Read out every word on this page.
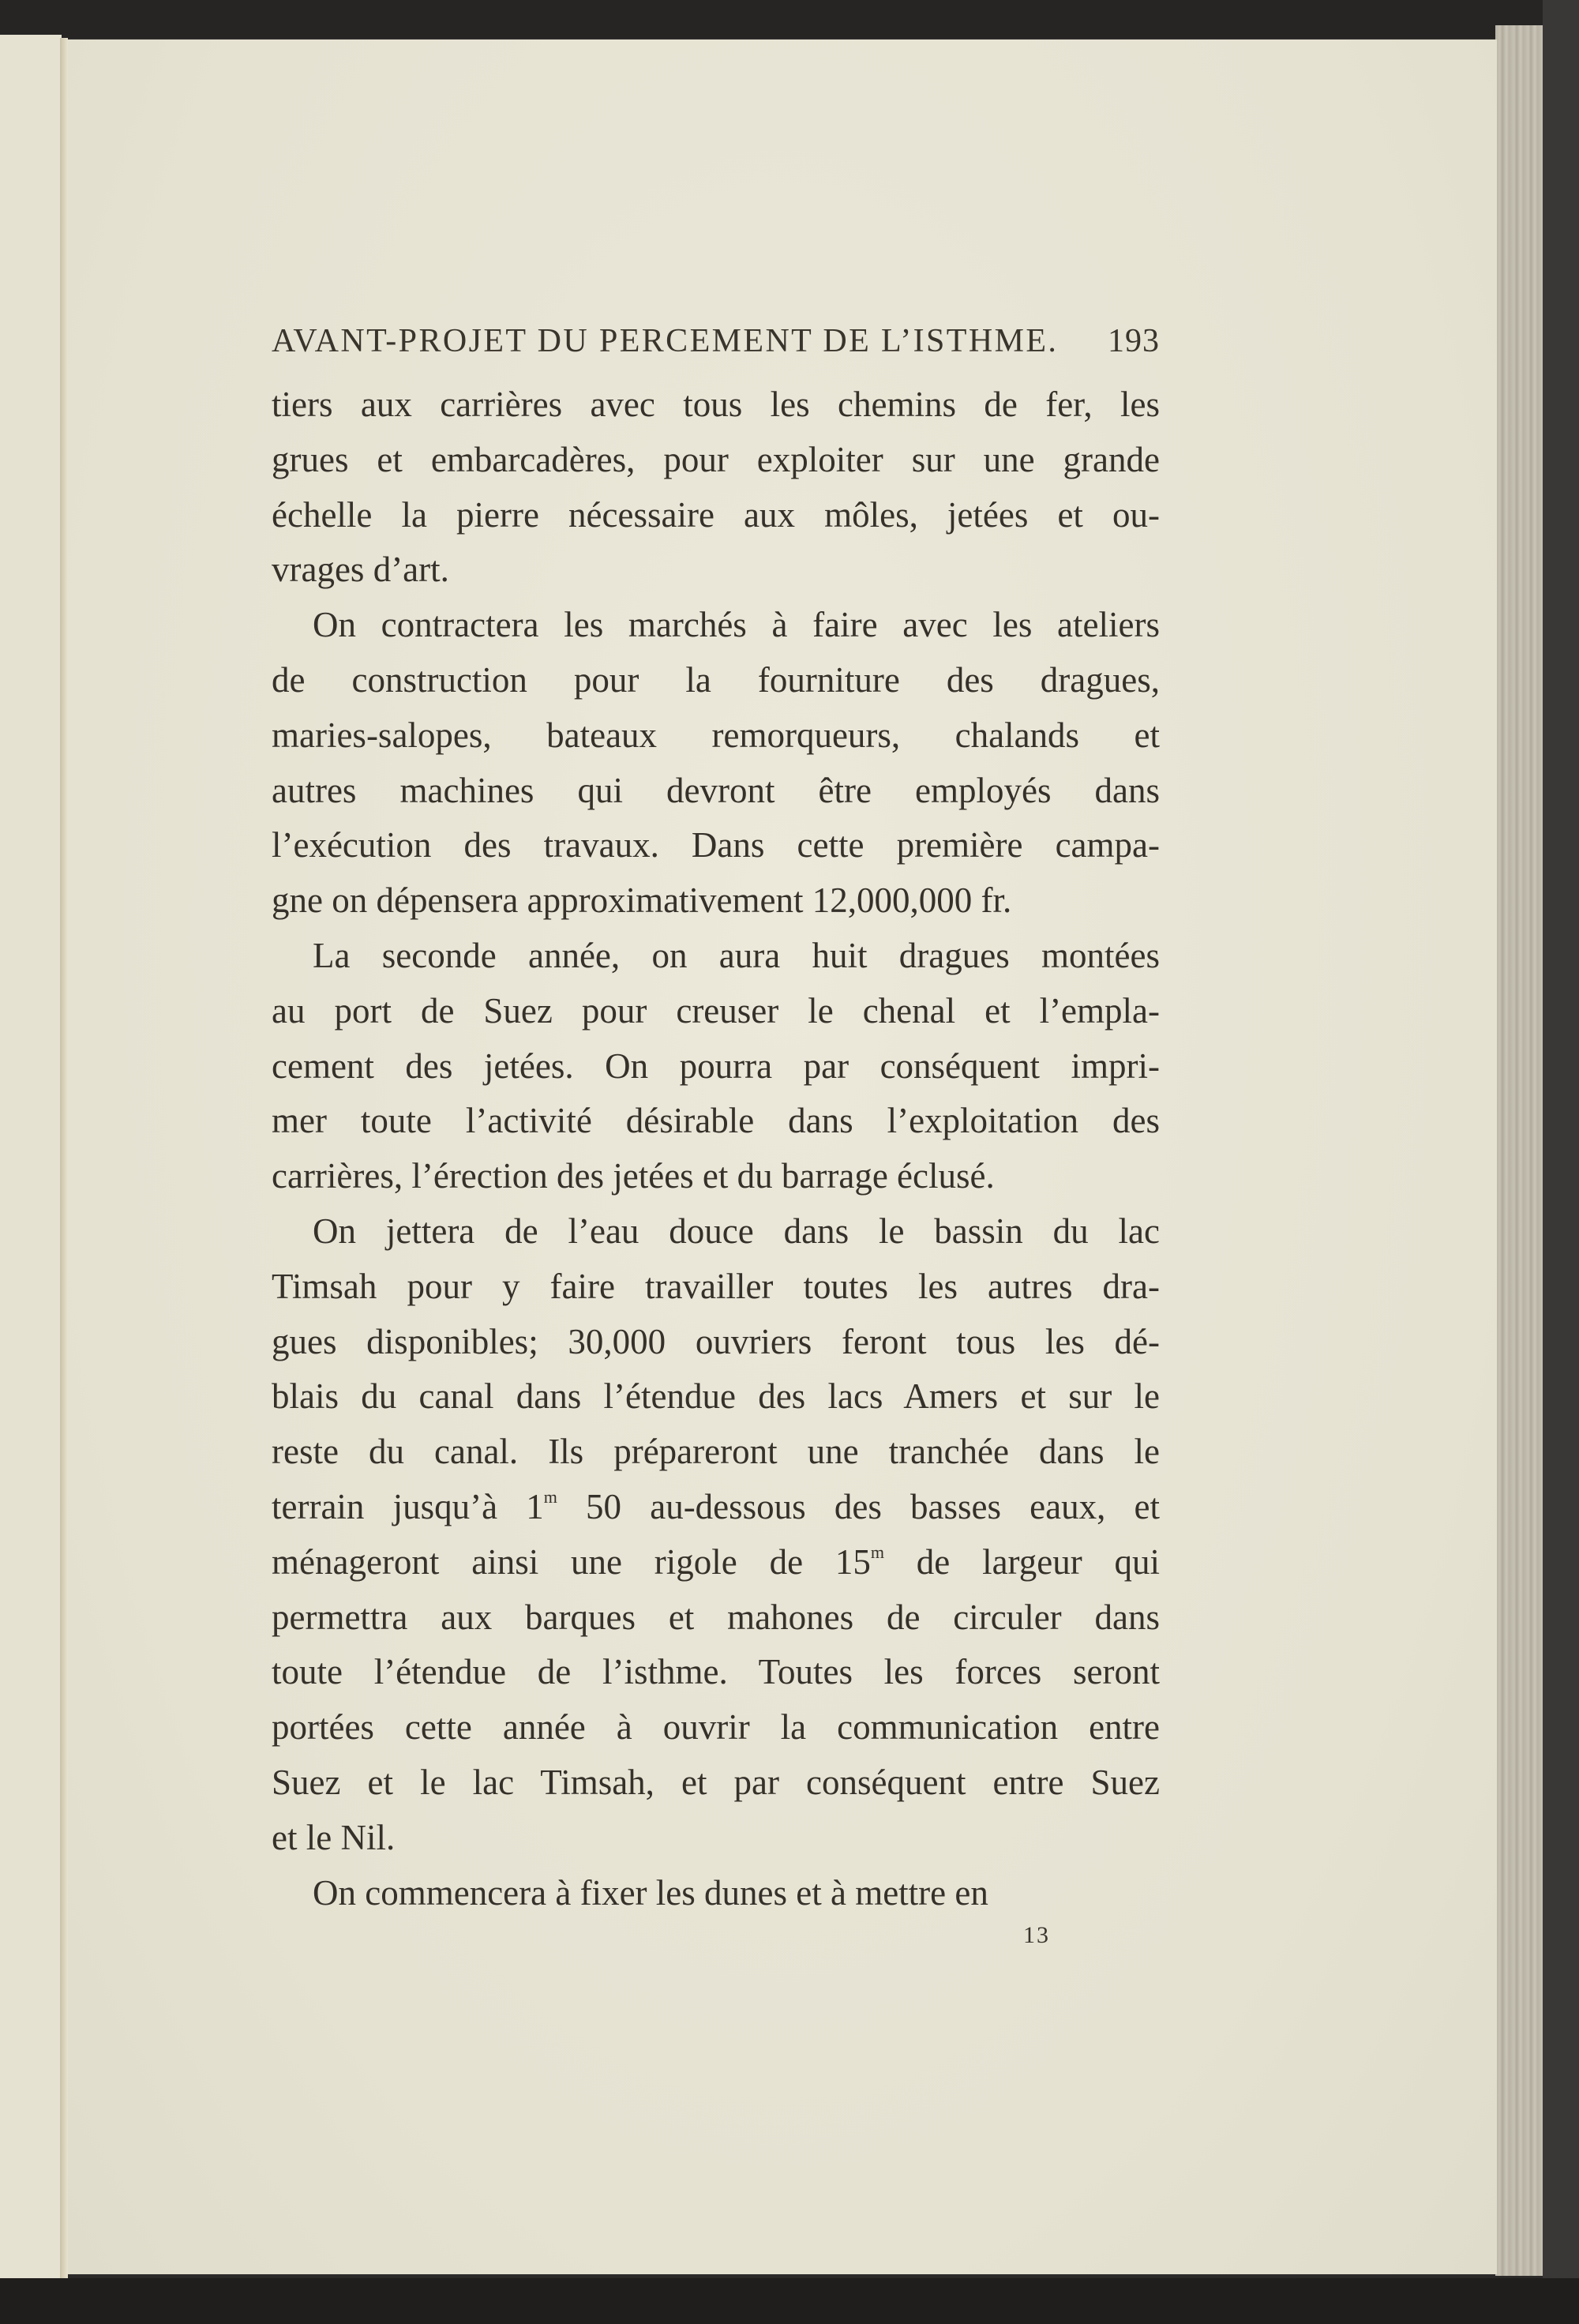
AVANT-PROJET DU PERCEMENT DE L’ISTHME. 193
tiers aux carrières avec tous les chemins de fer, les
grues et embarcadères, pour exploiter sur une grande
échelle la pierre nécessaire aux môles, jetées et ou-
vrages d’art.
On contractera les marchés à faire avec les ateliers
de construction pour la fourniture des dragues,
maries-salopes, bateaux remorqueurs, chalands et
autres machines qui devront être employés dans
l’exécution des travaux. Dans cette première campa-
gne on dépensera approximativement 12,000,000 fr.
La seconde année, on aura huit dragues montées
au port de Suez pour creuser le chenal et l’empla-
cement des jetées. On pourra par conséquent impri-
mer toute l’activité désirable dans l’exploitation des
carrières, l’érection des jetées et du barrage éclusé.
On jettera de l’eau douce dans le bassin du lac
Timsah pour y faire travailler toutes les autres dra-
gues disponibles; 30,000 ouvriers feront tous les dé-
blais du canal dans l’étendue des lacs Amers et sur le
reste du canal. Ils prépareront une tranchée dans le
terrain jusqu’à 1$^m$ 50 au-dessous des basses eaux, et
ménageront ainsi une rigole de 15$^m$ de largeur qui
permettra aux barques et mahones de circuler dans
toute l’étendue de l’isthme. Toutes les forces seront
portées cette année à ouvrir la communication entre
Suez et le lac Timsah, et par conséquent entre Suez
et le Nil.
On commencera à fixer les dunes et à mettre en
13
